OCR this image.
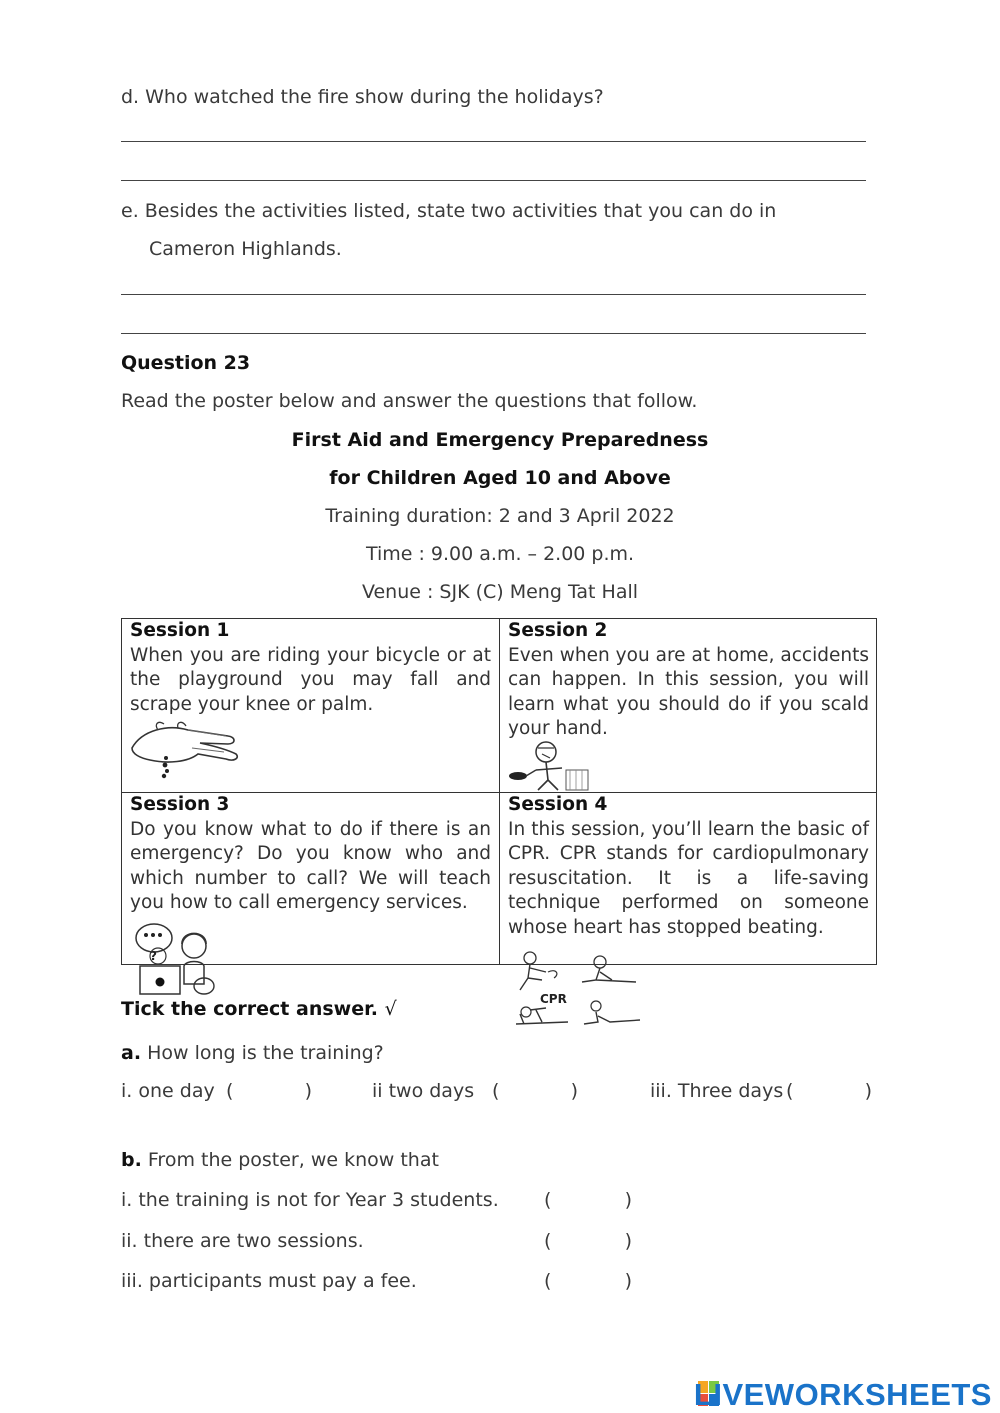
d. Who watched the fire show during the holidays?
e. Besides the activities listed, state two activities that you can do in
Cameron Highlands.
Question 23
Read the poster below and answer the questions that follow.
First Aid and Emergency Preparedness
for Children Aged 10 and Above
Training duration: 2 and 3 April 2022
Time : 9.00 a.m. – 2.00 p.m.
Venue : SJK (C) Meng Tat Hall
Session 1
When you are riding your bicycle or at the playground you may fall and scrape your knee or palm.
Session 2
Even when you are at home, accidents can happen. In this session, you will learn what you should do if you scald your hand.
Session 3
Do you know what to do if there is an emergency? Do you know who and which number to call? We will teach you how to call emergency services.
Session 4
In this session, you’ll learn the basic of CPR. CPR stands for cardiopulmonary resuscitation. It is a life-saving technique performed on someone whose heart has stopped beating.
?
CPR
Tick the correct answer. √
a. How long is the training?
i. one day (	)	ii two days (	)	iii. Three days (	)
b. From the poster, we know that
i. the training is not for Year 3 students. (	)
ii. there are two sessions.	(	)
iii. participants must pay a fee.	(	)
LIVEWORKSHEETS
